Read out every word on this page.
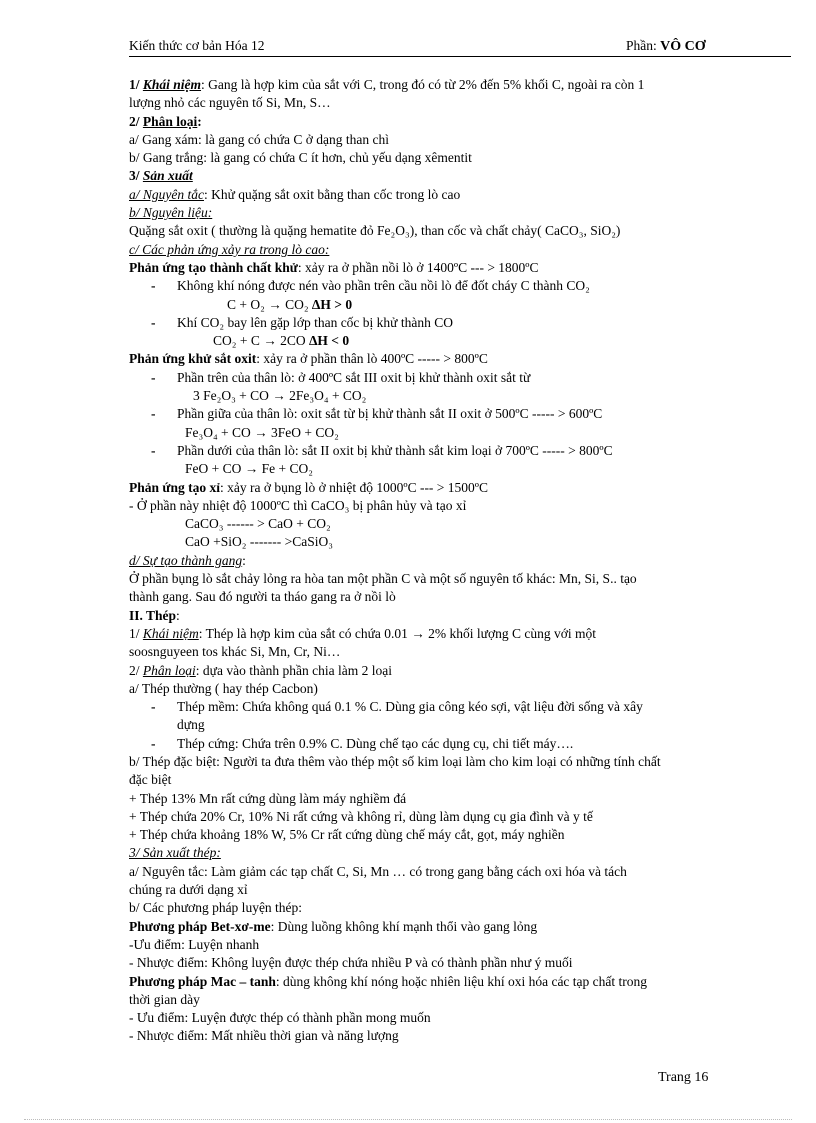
Kiến thức cơ bản Hóa 12	Phần: VÔ CƠ

1/ Khái niệm: Gang là hợp kim của sắt với C, trong đó có từ 2% đến 5% khối C, ngoài ra còn 1

lượng nhỏ các nguyên tố Si, Mn, S…

2/ Phân loại:

a/ Gang xám: là gang có chứa C ở dạng than chì

b/ Gang trắng: là gang có chứa C ít hơn, chủ yếu dạng xêmentit

3/ Sản xuất

a/ Nguyên tắc: Khử quặng sắt oxit bằng than cốc trong lò cao

b/ Nguyên liệu:

Quặng sắt oxit ( thường là quặng hematite đỏ Fe₂O₃), than cốc và chất chảy( CaCO₃, SiO₂)

c/ Các phản ứng xảy ra trong lò cao:

Phản ứng tạo thành chất khử: xảy ra ở phần nồi lò ở 1400ºC --- > 1800ºC

- Không khí nóng được nén vào phần trên cầu nồi lò để đốt cháy C thành CO₂

C + O₂ → CO₂ ΔH > 0

- Khí CO₂ bay lên gặp lớp than cốc bị khử thành CO

CO₂ + C → 2CO ΔH < 0

Phản ứng khử sắt oxit: xảy ra ở phần thân lò 400ºC ----- > 800ºC

- Phần trên của thân lò: ở 400ºC sắt III oxit bị khử thành oxit sắt từ

3 Fe₂O₃ + CO → 2Fe₃O₄ + CO₂

- Phần giữa của thân lò: oxit sắt từ bị khử thành sắt II oxit ở 500ºC ----- > 600ºC

Fe₃O₄ + CO → 3FeO + CO₂

- Phần dưới của thân lò: sắt II oxit bị khử thành sắt kim loại ở 700ºC ----- > 800ºC

FeO + CO → Fe + CO₂

Phản ứng tạo xỉ: xảy ra ở bụng lò ở nhiệt độ 1000ºC --- > 1500ºC

- Ở phần này nhiệt độ 1000ºC thì CaCO₃ bị phân hủy và tạo xỉ

CaCO₃ ------ > CaO + CO₂

CaO +SiO₂ ------- >CaSiO₃

d/ Sự tạo thành gang:

Ở phần bụng lò sắt chảy lỏng ra hòa tan một phần C và một số nguyên tố khác: Mn, Si, S.. tạo

thành gang. Sau đó người ta tháo gang ra ở nồi lò

II. Thép:

1/ Khái niệm: Thép là hợp kim của sắt có chứa 0.01 → 2% khối lượng C cùng với một

soosnguyeen tos khác Si, Mn, Cr, Ni…

2/ Phân loại: dựa vào thành phần chia làm 2 loại

a/ Thép thường ( hay thép Cacbon)

- Thép mềm: Chứa không quá 0.1 % C. Dùng gia công kéo sợi, vật liệu đời sống và xây

dựng

- Thép cứng: Chứa trên 0.9% C. Dùng chế tạo các dụng cụ, chi tiết máy….

b/ Thép đặc biệt: Người ta đưa thêm vào thép một số kim loại làm cho kim loại có những tính chất

đặc biệt

+ Thép 13% Mn rất cứng dùng làm máy nghiềm đá

+ Thép chứa 20% Cr, 10% Ni rất cứng và không rỉ, dùng làm dụng cụ gia đình và y tế

+ Thép chứa khoảng 18% W, 5% Cr rất cứng dùng chế máy cắt, gọt, máy nghiền

3/ Sản xuất thép:

a/ Nguyên tắc: Làm giảm các tạp chất C, Si, Mn … có trong gang bằng cách oxi hóa và tách

chúng ra dưới dạng xỉ

b/ Các phương pháp luyện thép:

Phương pháp Bet-xơ-me: Dùng luồng không khí mạnh thổi vào gang lỏng

-Ưu điểm: Luyện nhanh

- Nhược điểm: Không luyện được thép chứa nhiều P và có thành phần như ý muối

Phương pháp Mac – tanh: dùng không khí nóng hoặc nhiên liệu khí oxi hóa các tạp chất trong

thời gian dày

- Ưu điểm: Luyện được thép có thành phần mong muốn

- Nhược điểm: Mất nhiều thời gian và năng lượng

Trang 16
